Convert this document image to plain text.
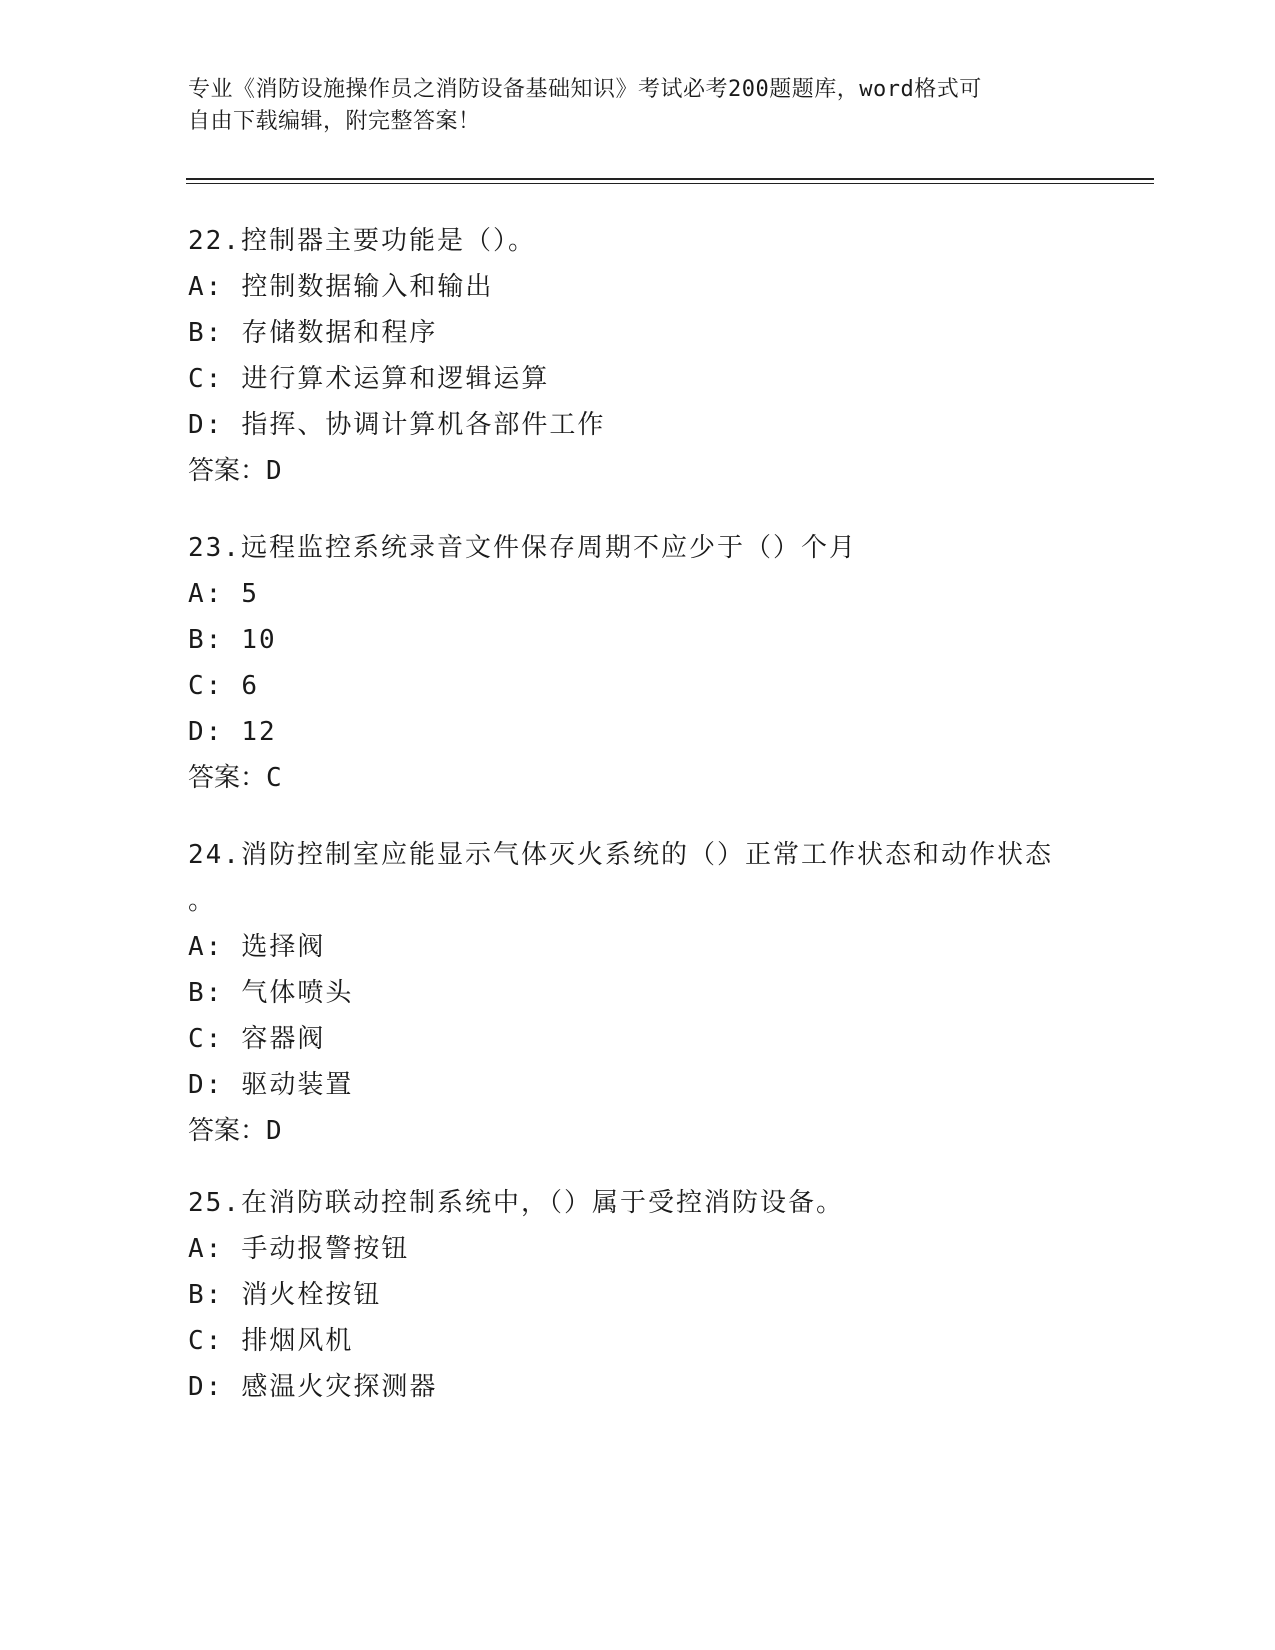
专业《消防设施操作员之消防设备基础知识》考试必考200题题库，word格式可

自由下载编辑，附完整答案！

22.控制器主要功能是（）。
A: 控制数据输入和输出
B: 存储数据和程序
C: 进行算术运算和逻辑运算
D: 指挥、协调计算机各部件工作
答案：D
23.远程监控系统录音文件保存周期不应少于（）个月
A: 5
B: 10
C: 6
D: 12
答案：C
24.消防控制室应能显示气体灭火系统的（）正常工作状态和动作状态
。
A: 选择阀
B: 气体喷头
C: 容器阀
D: 驱动装置
答案：D
25.在消防联动控制系统中，（）属于受控消防设备。
A: 手动报警按钮
B: 消火栓按钮
C: 排烟风机
D: 感温火灾探测器
